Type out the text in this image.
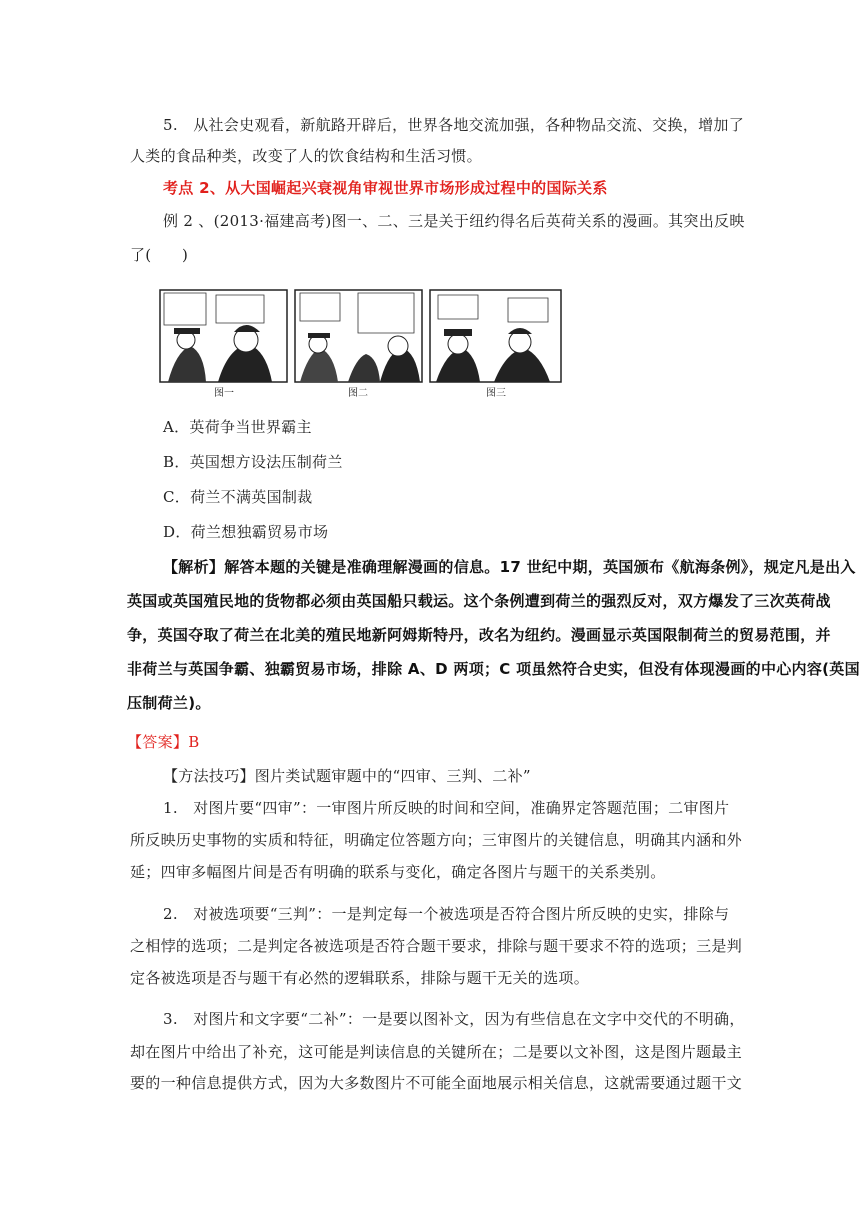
5.　从社会史观看，新航路开辟后，世界各地交流加强，各种物品交流、交换，增加了
人类的食品种类，改变了人的饮食结构和生活习惯。
考点 2、从大国崛起兴衰视角审视世界市场形成过程中的国际关系
例 2 、(2013·福建高考)图一、二、三是关于纽约得名后英荷关系的漫画。其突出反映
了(　　)
图一	图二	图三
A．英荷争当世界霸主
B．英国想方设法压制荷兰
C．荷兰不满英国制裁
D．荷兰想独霸贸易市场
【解析】解答本题的关键是准确理解漫画的信息。17 世纪中期，英国颁布《航海条例》，规定凡是出入
英国或英国殖民地的货物都必须由英国船只载运。这个条例遭到荷兰的强烈反对，双方爆发了三次英荷战
争，英国夺取了荷兰在北美的殖民地新阿姆斯特丹，改名为纽约。漫画显示英国限制荷兰的贸易范围，并
非荷兰与英国争霸、独霸贸易市场，排除 A、D 两项；C 项虽然符合史实，但没有体现漫画的中心内容(英国
压制荷兰)。
【答案】B
【方法技巧】图片类试题审题中的“四审、三判、二补”
1.　对图片要“四审”：一审图片所反映的时间和空间，准确界定答题范围；二审图片
所反映历史事物的实质和特征，明确定位答题方向；三审图片的关键信息，明确其内涵和外
延；四审多幅图片间是否有明确的联系与变化，确定各图片与题干的关系类别。
2.　对被选项要“三判”：一是判定每一个被选项是否符合图片所反映的史实，排除与
之相悖的选项；二是判定各被选项是否符合题干要求，排除与题干要求不符的选项；三是判
定各被选项是否与题干有必然的逻辑联系，排除与题干无关的选项。
3.　对图片和文字要“二补”：一是要以图补文，因为有些信息在文字中交代的不明确，
却在图片中给出了补充，这可能是判读信息的关键所在；二是要以文补图，这是图片题最主
要的一种信息提供方式，因为大多数图片不可能全面地展示相关信息，这就需要通过题干文
